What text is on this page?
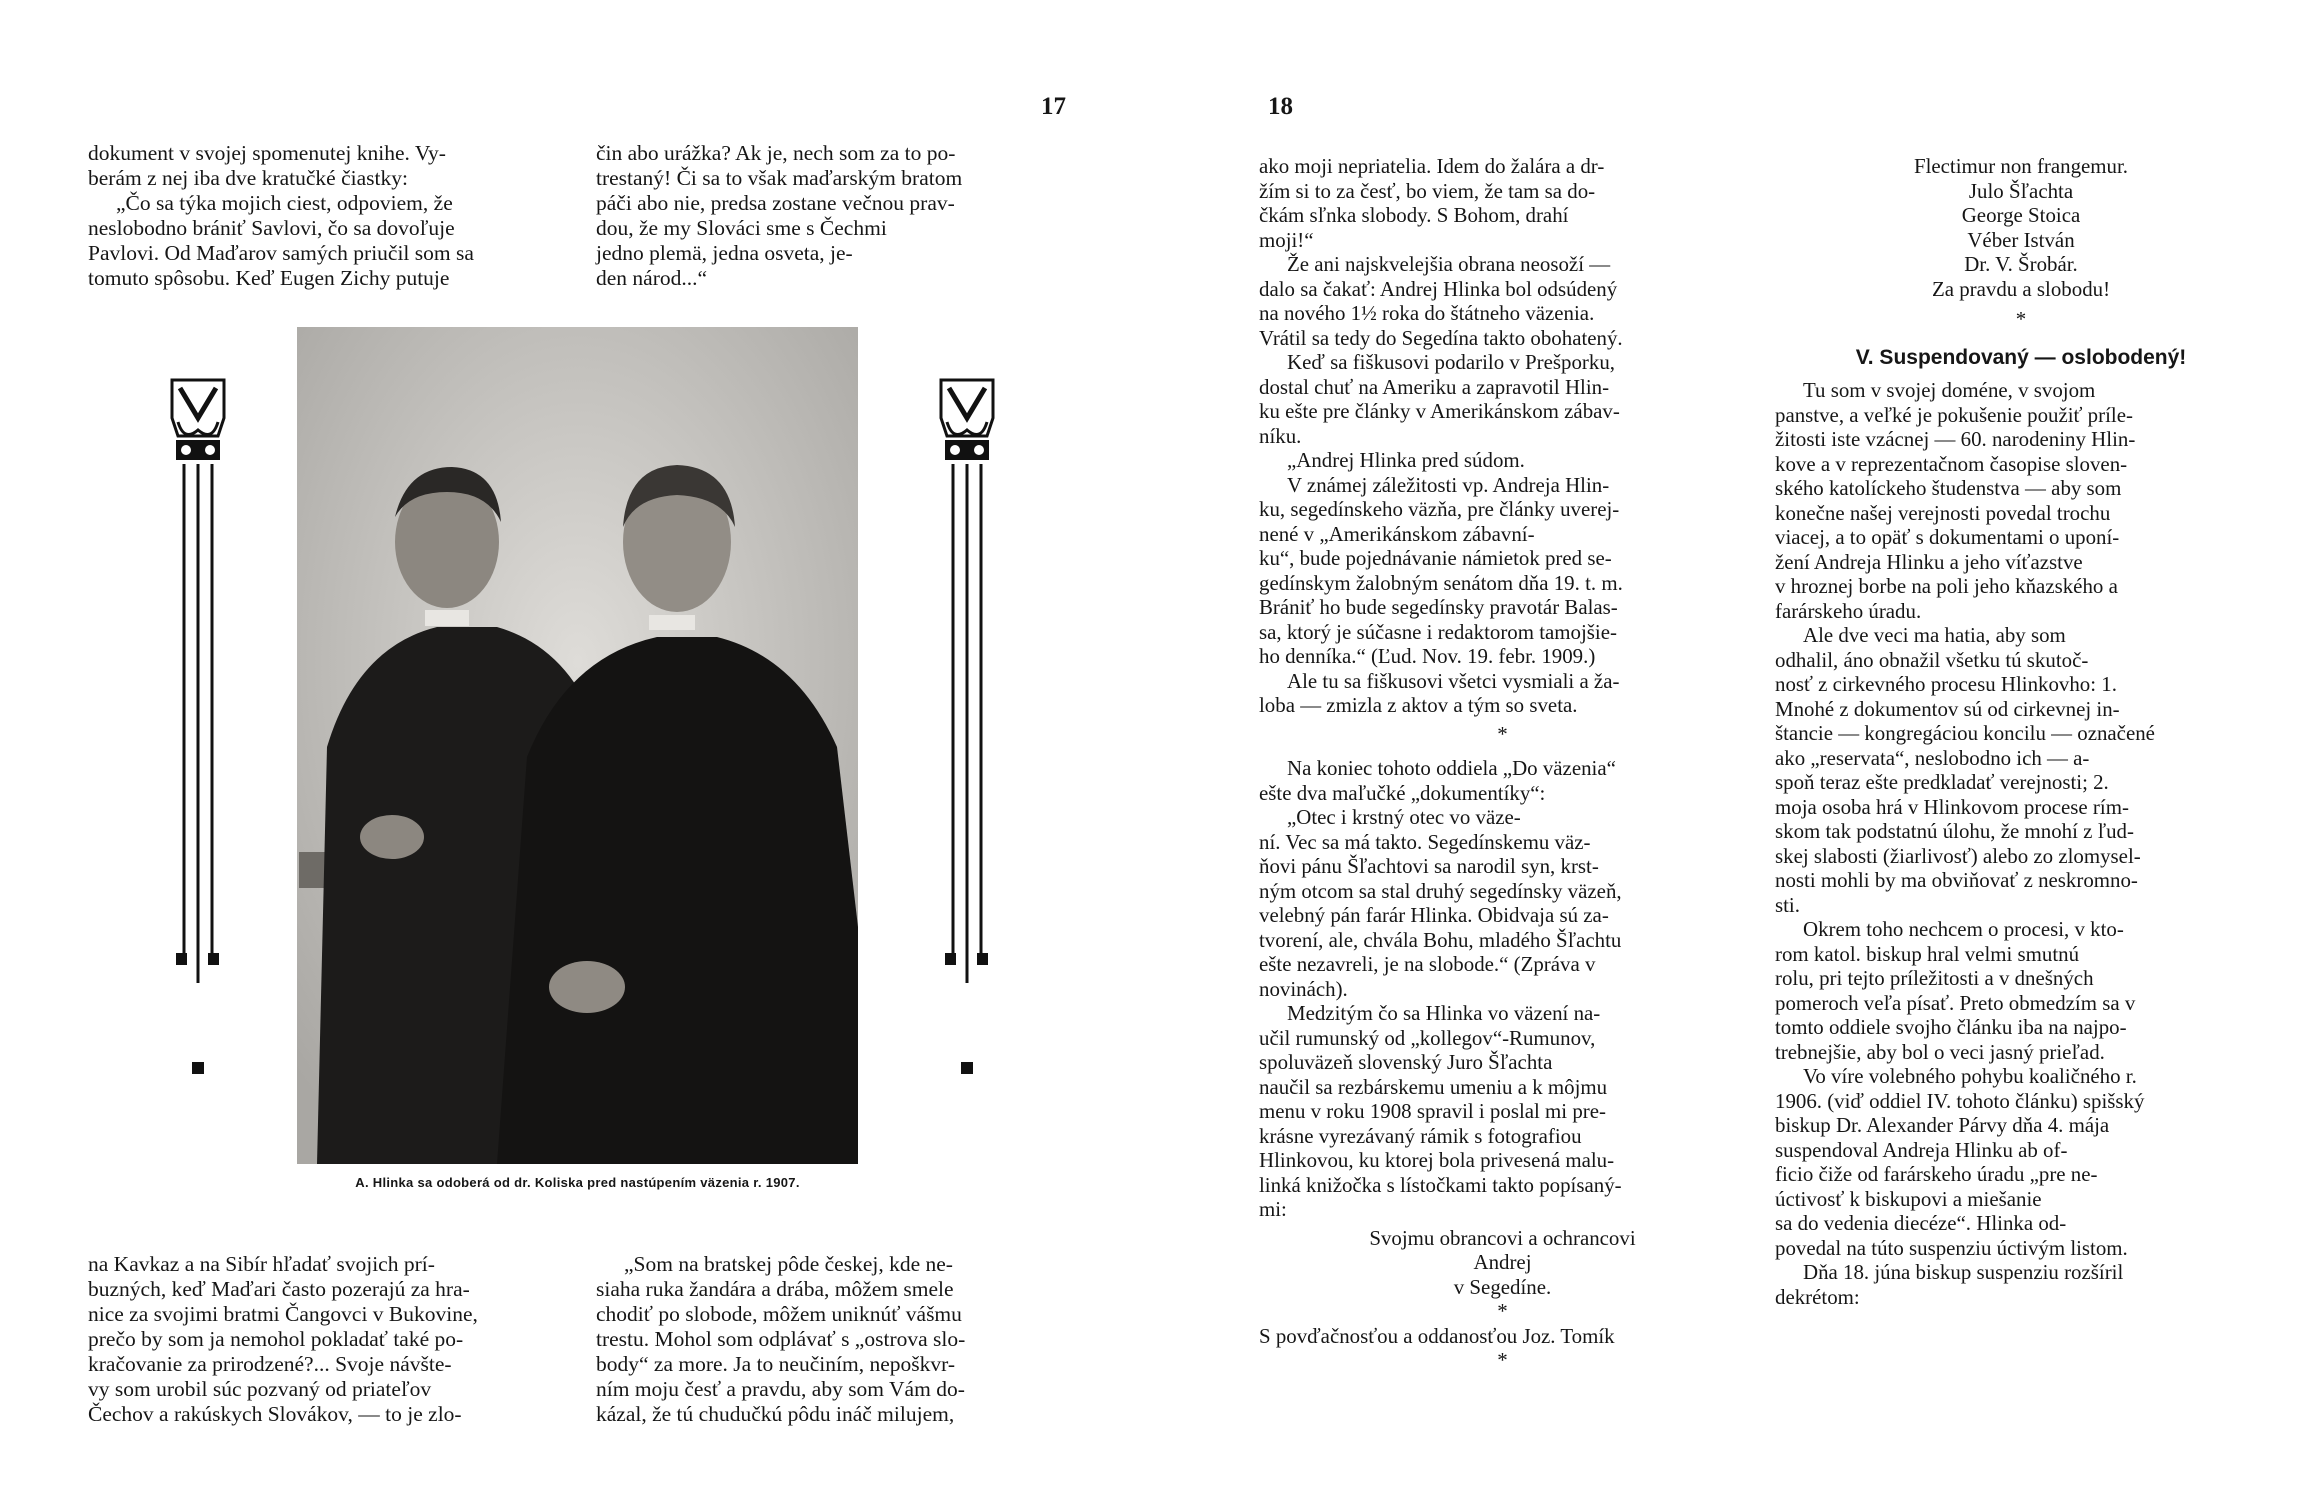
17

dokument v svojej spomenutej knihe. Vy-

berám z nej iba dve kratučké čiastky:

„Čo sa týka mojich ciest, odpoviem, že

neslobodno brániť Savlovi, čo sa dovoľuje

Pavlovi. Od Maďarov samých priučil som sa

tomuto spôsobu. Keď Eugen Zichy putuje

čin abo urážka? Ak je, nech som za to po-

trestaný! Či sa to však maďarským bratom

páči abo nie, predsa zostane večnou prav-

dou, že my Slováci sme s Čechmi

jedno plemä, jedna osveta, je-

den národ...“

A. Hlinka sa odoberá od dr. Koliska pred nastúpením väzenia r. 1907.

na Kavkaz a na Sibír hľadať svojich prí-

buzných, keď Maďari často pozerajú za hra-

nice za svojimi bratmi Čangovci v Bukovine,

prečo by som ja nemohol pokladať také po-

kračovanie za prirodzené?... Svoje návšte-

vy som urobil súc pozvaný od priateľov

Čechov a rakúskych Slovákov, — to je zlo-

„Som na bratskej pôde českej, kde ne-

siaha ruka žandára a drába, môžem smele

chodiť po slobode, môžem uniknúť vášmu

trestu. Mohol som odplávať s „ostrova slo-

body“ za more. Ja to neučiním, nepoškvr-

ním moju česť a pravdu, aby som Vám do-

kázal, že tú chudučkú pôdu ináč milujem,

18

ako moji nepriatelia. Idem do žalára a dr-

žím si to za česť, bo viem, že tam sa do-

čkám sľnka slobody. S Bohom, drahí

moji!“

Že ani najskvelejšia obrana neosoží —

dalo sa čakať: Andrej Hlinka bol odsúdený

na nového 1½ roka do štátneho väzenia.

Vrátil sa tedy do Segedína takto obohatený.

Keď sa fiškusovi podarilo v Prešporku,

dostal chuť na Ameriku a zapravotil Hlin-

ku ešte pre články v Amerikánskom zábav-

níku.

„Andrej Hlinka pred súdom.

V známej záležitosti vp. Andreja Hlin-

ku, segedínskeho väzňa, pre články uverej-

nené v „Amerikánskom zábavní-

ku“, bude pojednávanie námietok pred se-

gedínskym žalobným senátom dňa 19. t. m.

Brániť ho bude segedínsky pravotár Balas-

sa, ktorý je súčasne i redaktorom tamojšie-

ho denníka.“ (Ľud. Nov. 19. febr. 1909.)

Ale tu sa fiškusovi všetci vysmiali a ža-

loba — zmizla z aktov a tým so sveta.

*

Na koniec tohoto oddiela „Do väzenia“

ešte dva maľučké „dokumentíky“:

„Otec i krstný otec vo väze-

ní. Vec sa má takto. Segedínskemu väz-

ňovi pánu Šľachtovi sa narodil syn, krst-

ným otcom sa stal druhý segedínsky väzeň,

velebný pán farár Hlinka. Obidvaja sú za-

tvorení, ale, chvála Bohu, mladého Šľachtu

ešte nezavreli, je na slobode.“ (Zpráva v

novinách).

Medzitým čo sa Hlinka vo väzení na-

učil rumunský od „kollegov“-Rumunov,

spoluväzeň slovenský Juro Šľachta

naučil sa rezbárskemu umeniu a k môjmu

menu v roku 1908 spravil i poslal mi pre-

krásne vyrezávaný rámik s fotografiou

Hlinkovou, ku ktorej bola privesená malu-

linká knižočka s lístočkami takto popísaný-

mi:

Svojmu obrancovi a ochrancovi

Andrej

v Segedíne.

*

S povďačnosťou a oddanosťou Joz. Tomík

*

Flectimur non frangemur.

Julo Šľachta

George Stoica

Véber István

Dr. V. Šrobár.

Za pravdu a slobodu!

*

V. Suspendovaný — oslobodený!

Tu som v svojej doméne, v svojom

panstve, a veľké je pokušenie použiť príle-

žitosti iste vzácnej — 60. narodeniny Hlin-

kove a v reprezentačnom časopise sloven-

ského katolíckeho študenstva — aby som

konečne našej verejnosti povedal trochu

viacej, a to opäť s dokumentami o uponí-

žení Andreja Hlinku a jeho víťazstve

v hroznej borbe na poli jeho kňazského a

farárskeho úradu.

Ale dve veci ma hatia, aby som

odhalil, áno obnažil všetku tú skutoč-

nosť z cirkevného procesu Hlinkovho: 1.

Mnohé z dokumentov sú od cirkevnej in-

štancie — kongregáciou koncilu — označené

ako „reservata“, neslobodno ich — a-

spoň teraz ešte predkladať verejnosti; 2.

moja osoba hrá v Hlinkovom procese rím-

skom tak podstatnú úlohu, že mnohí z ľud-

skej slabosti (žiarlivosť) alebo zo zlomysel-

nosti mohli by ma obviňovať z neskromno-

sti.

Okrem toho nechcem o procesi, v kto-

rom katol. biskup hral velmi smutnú

rolu, pri tejto príležitosti a v dnešných

pomeroch veľa písať. Preto obmedzím sa v

tomto oddiele svojho článku iba na najpo-

trebnejšie, aby bol o veci jasný prieľad.

Vo víre volebného pohybu koaličného r.

1906. (viď oddiel IV. tohoto článku) spišský

biskup Dr. Alexander Párvy dňa 4. mája

suspendoval Andreja Hlinku ab of-

ficio čiže od farárskeho úradu „pre ne-

úctivosť k biskupovi a miešanie

sa do vedenia diecéze“. Hlinka od-

povedal na túto suspenziu úctivým listom.

Dňa 18. júna biskup suspenziu rozšíril

dekrétom:
